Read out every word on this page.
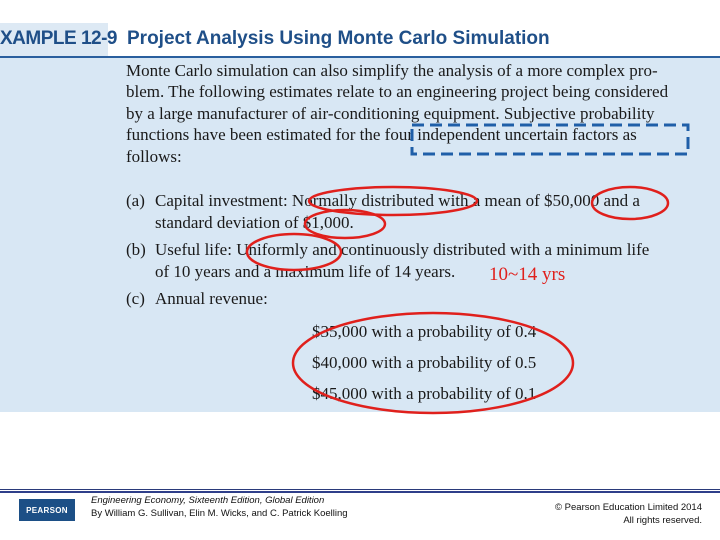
XAMPLE 12-9 Project Analysis Using Monte Carlo Simulation
Monte Carlo simulation can also simplify the analysis of a more complex pro-
blem. The following estimates relate to an engineering project being considered
by a large manufacturer of air-conditioning equipment. Subjective probability
functions have been estimated for the four independent uncertain factors as
follows:
(a) Capital investment: Normally distributed with a mean of $50,000 and a
standard deviation of $1,000.
(b) Useful life: Uniformly and continuously distributed with a minimum life
of 10 years and a maximum life of 14 years.
(c) Annual revenue:
$35,000 with a probability of 0.4
$40,000 with a probability of 0.5
$45,000 with a probability of 0.1
10~14 yrs
PEARSON
Engineering Economy, Sixteenth Edition, Global Edition
By William G. Sullivan, Elin M. Wicks, and C. Patrick Koelling	© Pearson Education Limited 2014
All rights reserved.
